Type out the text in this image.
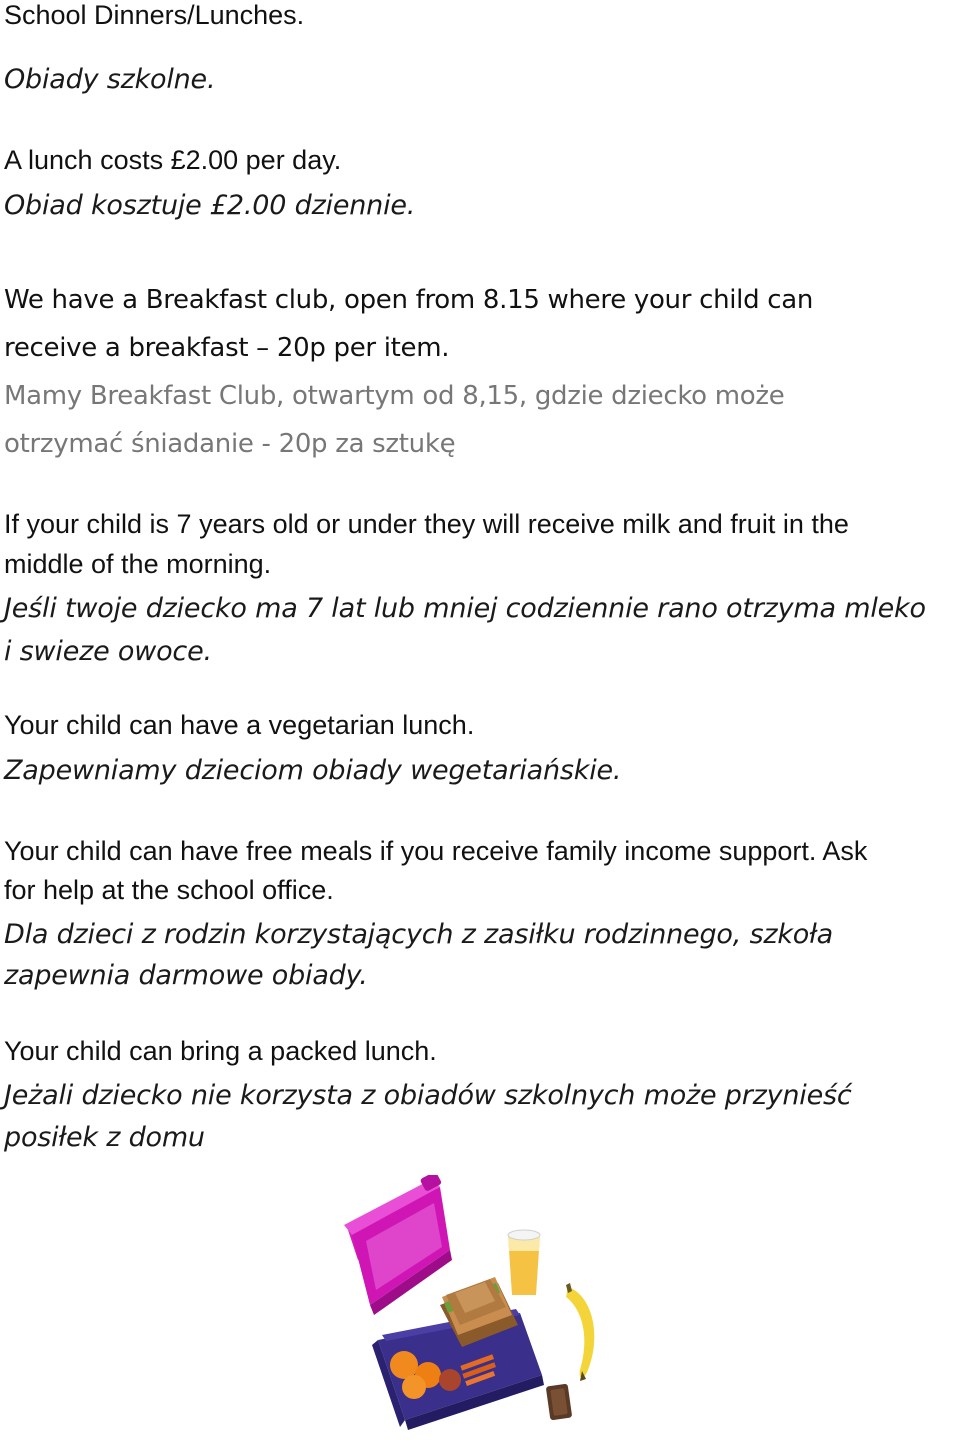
School Dinners/Lunches.

Obiady szkolne.

A lunch costs £2.00 per day.

Obiad kosztuje £2.00 dziennie.

We have a Breakfast club, open from 8.15 where your child can

receive a breakfast – 20p per item.

Mamy Breakfast Club, otwartym od 8,15, gdzie dziecko może

otrzymać śniadanie - 20p za sztukę

If your child is 7 years old or under they will receive milk and fruit in the

middle of the morning.

Jeśli twoje dziecko ma 7 lat lub mniej codziennie rano otrzyma mleko

i swieze owoce.

Your child can have a vegetarian lunch.

Zapewniamy dzieciom obiady wegetariańskie.

Your child can have free meals if you receive family income support. Ask

for help at the school office.

Dla dzieci z rodzin korzystających z zasiłku rodzinnego, szkoła

zapewnia darmowe obiady.

Your child can bring a packed lunch.

Jeżali dziecko nie korzysta z obiadów szkolnych może przynieść

posiłek z domu
